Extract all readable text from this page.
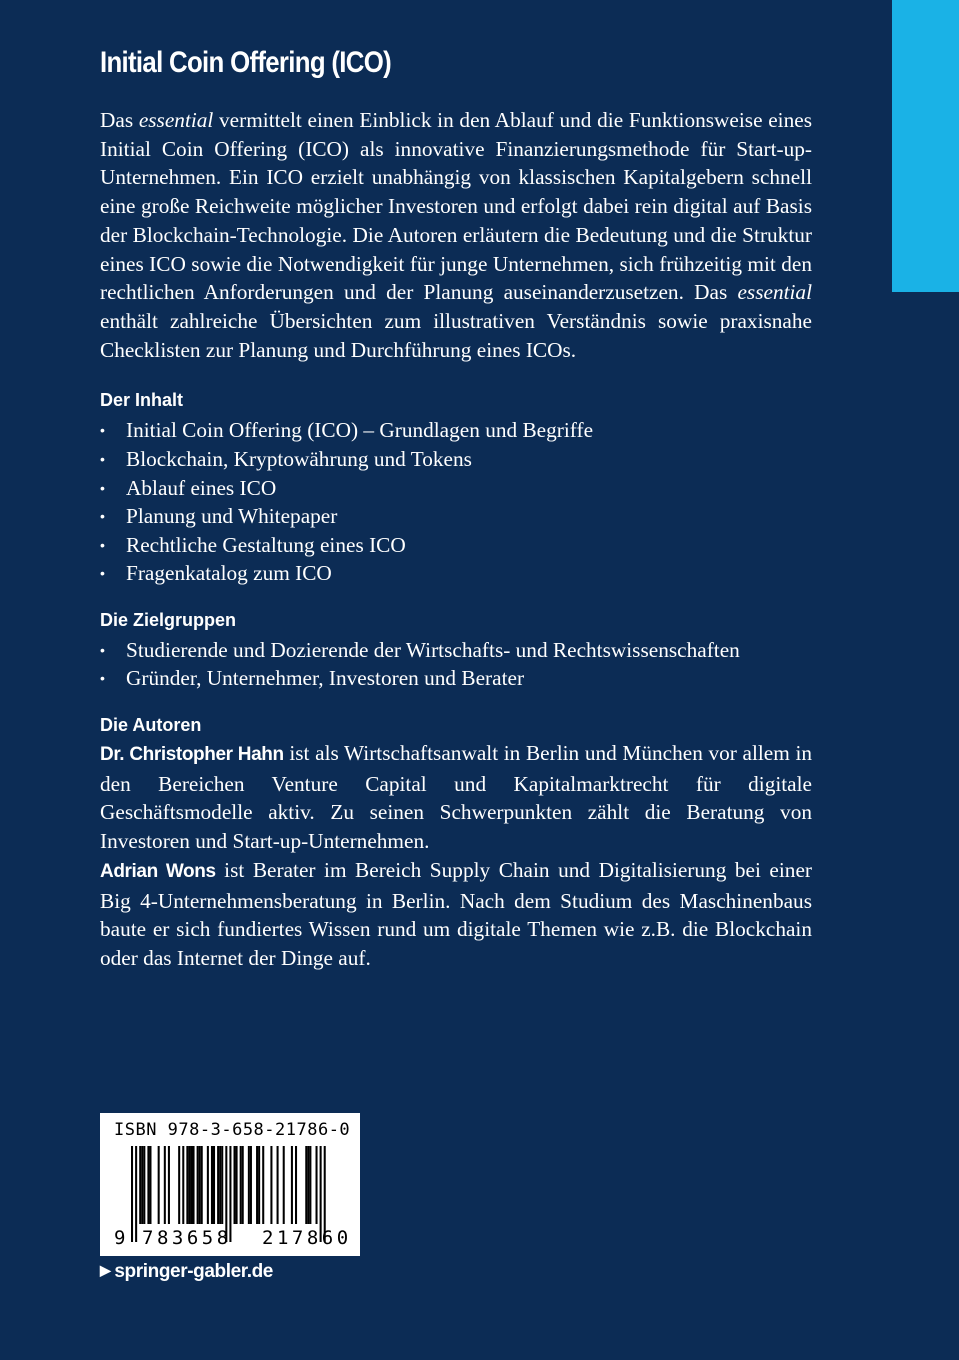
Initial Coin Offering (ICO)

Das essential vermittelt einen Einblick in den Ablauf und die Funktionsweise eines Initial Coin Offering (ICO) als innovative Finanzierungsmethode für Start-up-Unternehmen. Ein ICO erzielt unabhängig von klassischen Kapitalgebern schnell eine große Reichweite möglicher Investoren und erfolgt dabei rein digital auf Basis der Blockchain-Technologie. Die Autoren erläutern die Bedeutung und die Struktur eines ICO sowie die Notwendigkeit für junge Unternehmen, sich frühzeitig mit den rechtlichen Anforderungen und der Planung auseinanderzusetzen. Das essential enthält zahlreiche Übersichten zum illustrativen Verständnis sowie praxisnahe Checklisten zur Planung und Durchführung eines ICOs.

Der Inhalt
• Initial Coin Offering (ICO) – Grundlagen und Begriffe
• Blockchain, Kryptowährung und Tokens
• Ablauf eines ICO
• Planung und Whitepaper
• Rechtliche Gestaltung eines ICO
• Fragenkatalog zum ICO
Die Zielgruppen
• Studierende und Dozierende der Wirtschafts- und Rechtswissenschaften
• Gründer, Unternehmer, Investoren und Berater
Die Autoren

Dr. Christopher Hahn ist als Wirtschaftsanwalt in Berlin und München vor allem in den Bereichen Venture Capital und Kapitalmarktrecht für digitale Geschäftsmodelle aktiv. Zu seinen Schwerpunkten zählt die Beratung von Investoren und Start-up-Unternehmen.

Adrian Wons ist Berater im Bereich Supply Chain und Digitalisierung bei einer Big 4-Unternehmensberatung in Berlin. Nach dem Studium des Maschinenbaus baute er sich fundiertes Wissen rund um digitale Themen wie z.B. die Blockchain oder das Internet der Dinge auf.

ISBN 978-3-658-21786-0
9 783658 217860
▶ springer-gabler.de
